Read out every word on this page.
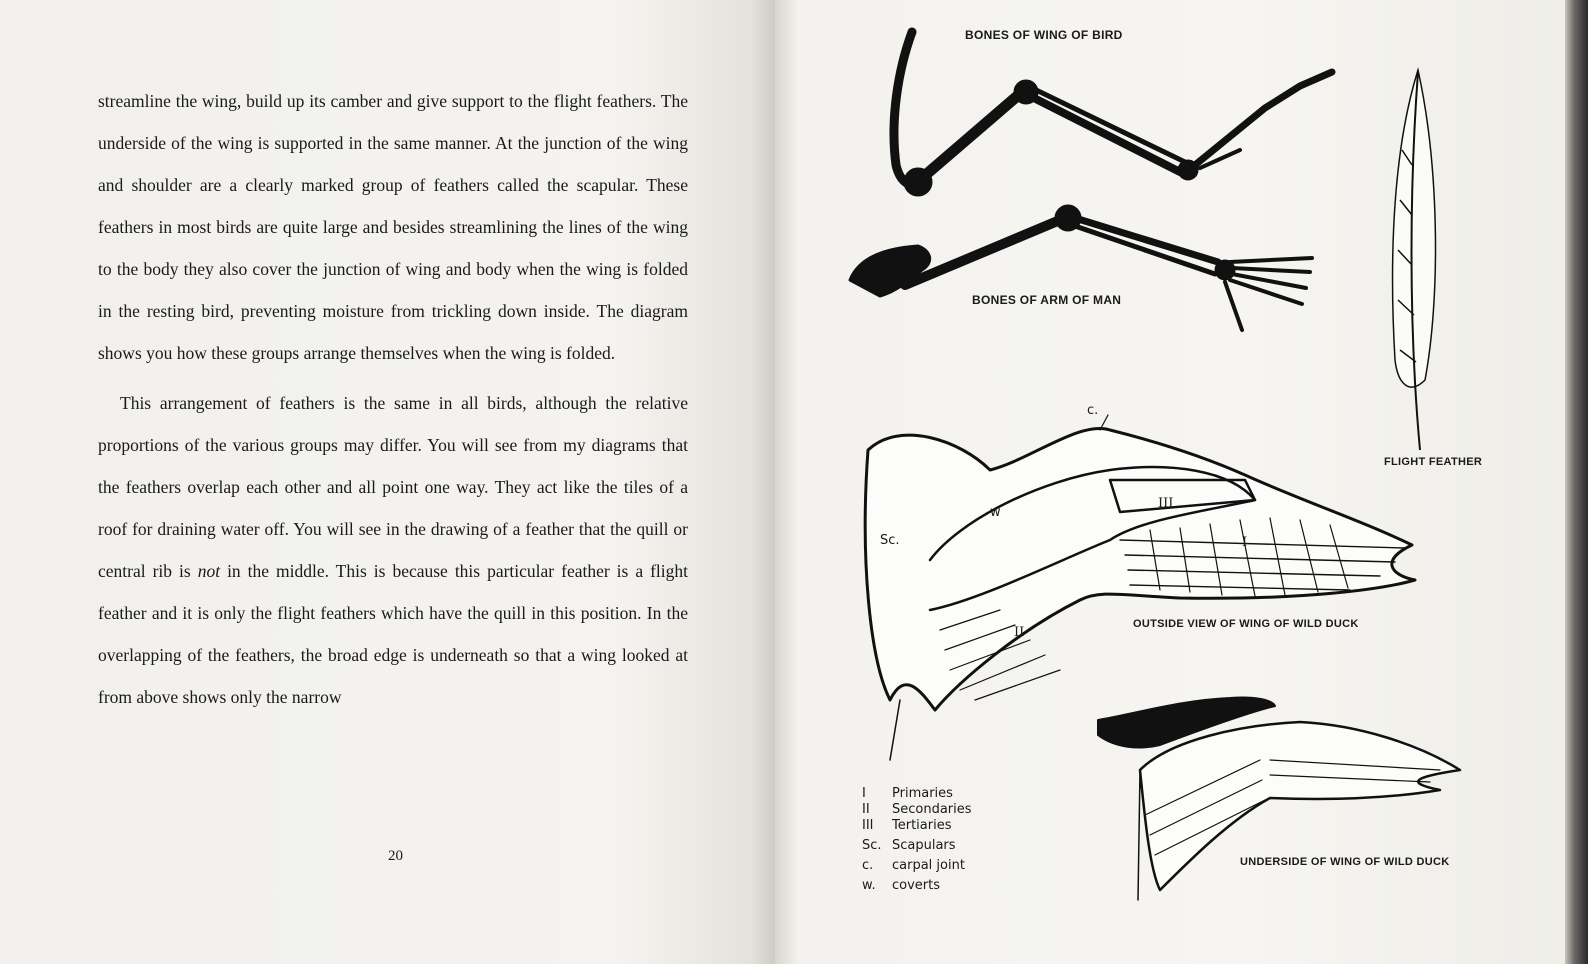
streamline the wing, build up its camber and give support to the flight feathers. The underside of the wing is supported in the same manner. At the junction of the wing and shoulder are a clearly marked group of feathers called the scapular. These feathers in most birds are quite large and besides streamlining the lines of the wing to the body they also cover the junction of wing and body when the wing is folded in the resting bird, preventing moisture from trickling down inside. The diagram shows you how these groups arrange themselves when the wing is folded.

This arrangement of feathers is the same in all birds, although the relative proportions of the various groups may differ. You will see from my diagrams that the feathers overlap each other and all point one way. They act like the tiles of a roof for draining water off. You will see in the drawing of a feather that the quill or central rib is not in the middle. This is because this particular feather is a flight feather and it is only the flight feathers which have the quill in this position. In the overlapping of the feathers, the broad edge is underneath so that a wing looked at from above shows only the narrow

20
BONES OF WING OF BIRD
BONES OF ARM OF MAN
FLIGHT FEATHER
OUTSIDE VIEW OF WING OF WILD DUCK
UNDERSIDE OF WING OF WILD DUCK
c.
w
Sc.	I
II
III
I	Primaries
II	Secondaries
III	Tertiaries
Sc. Scapulars
c.	carpal joint
w.	coverts
